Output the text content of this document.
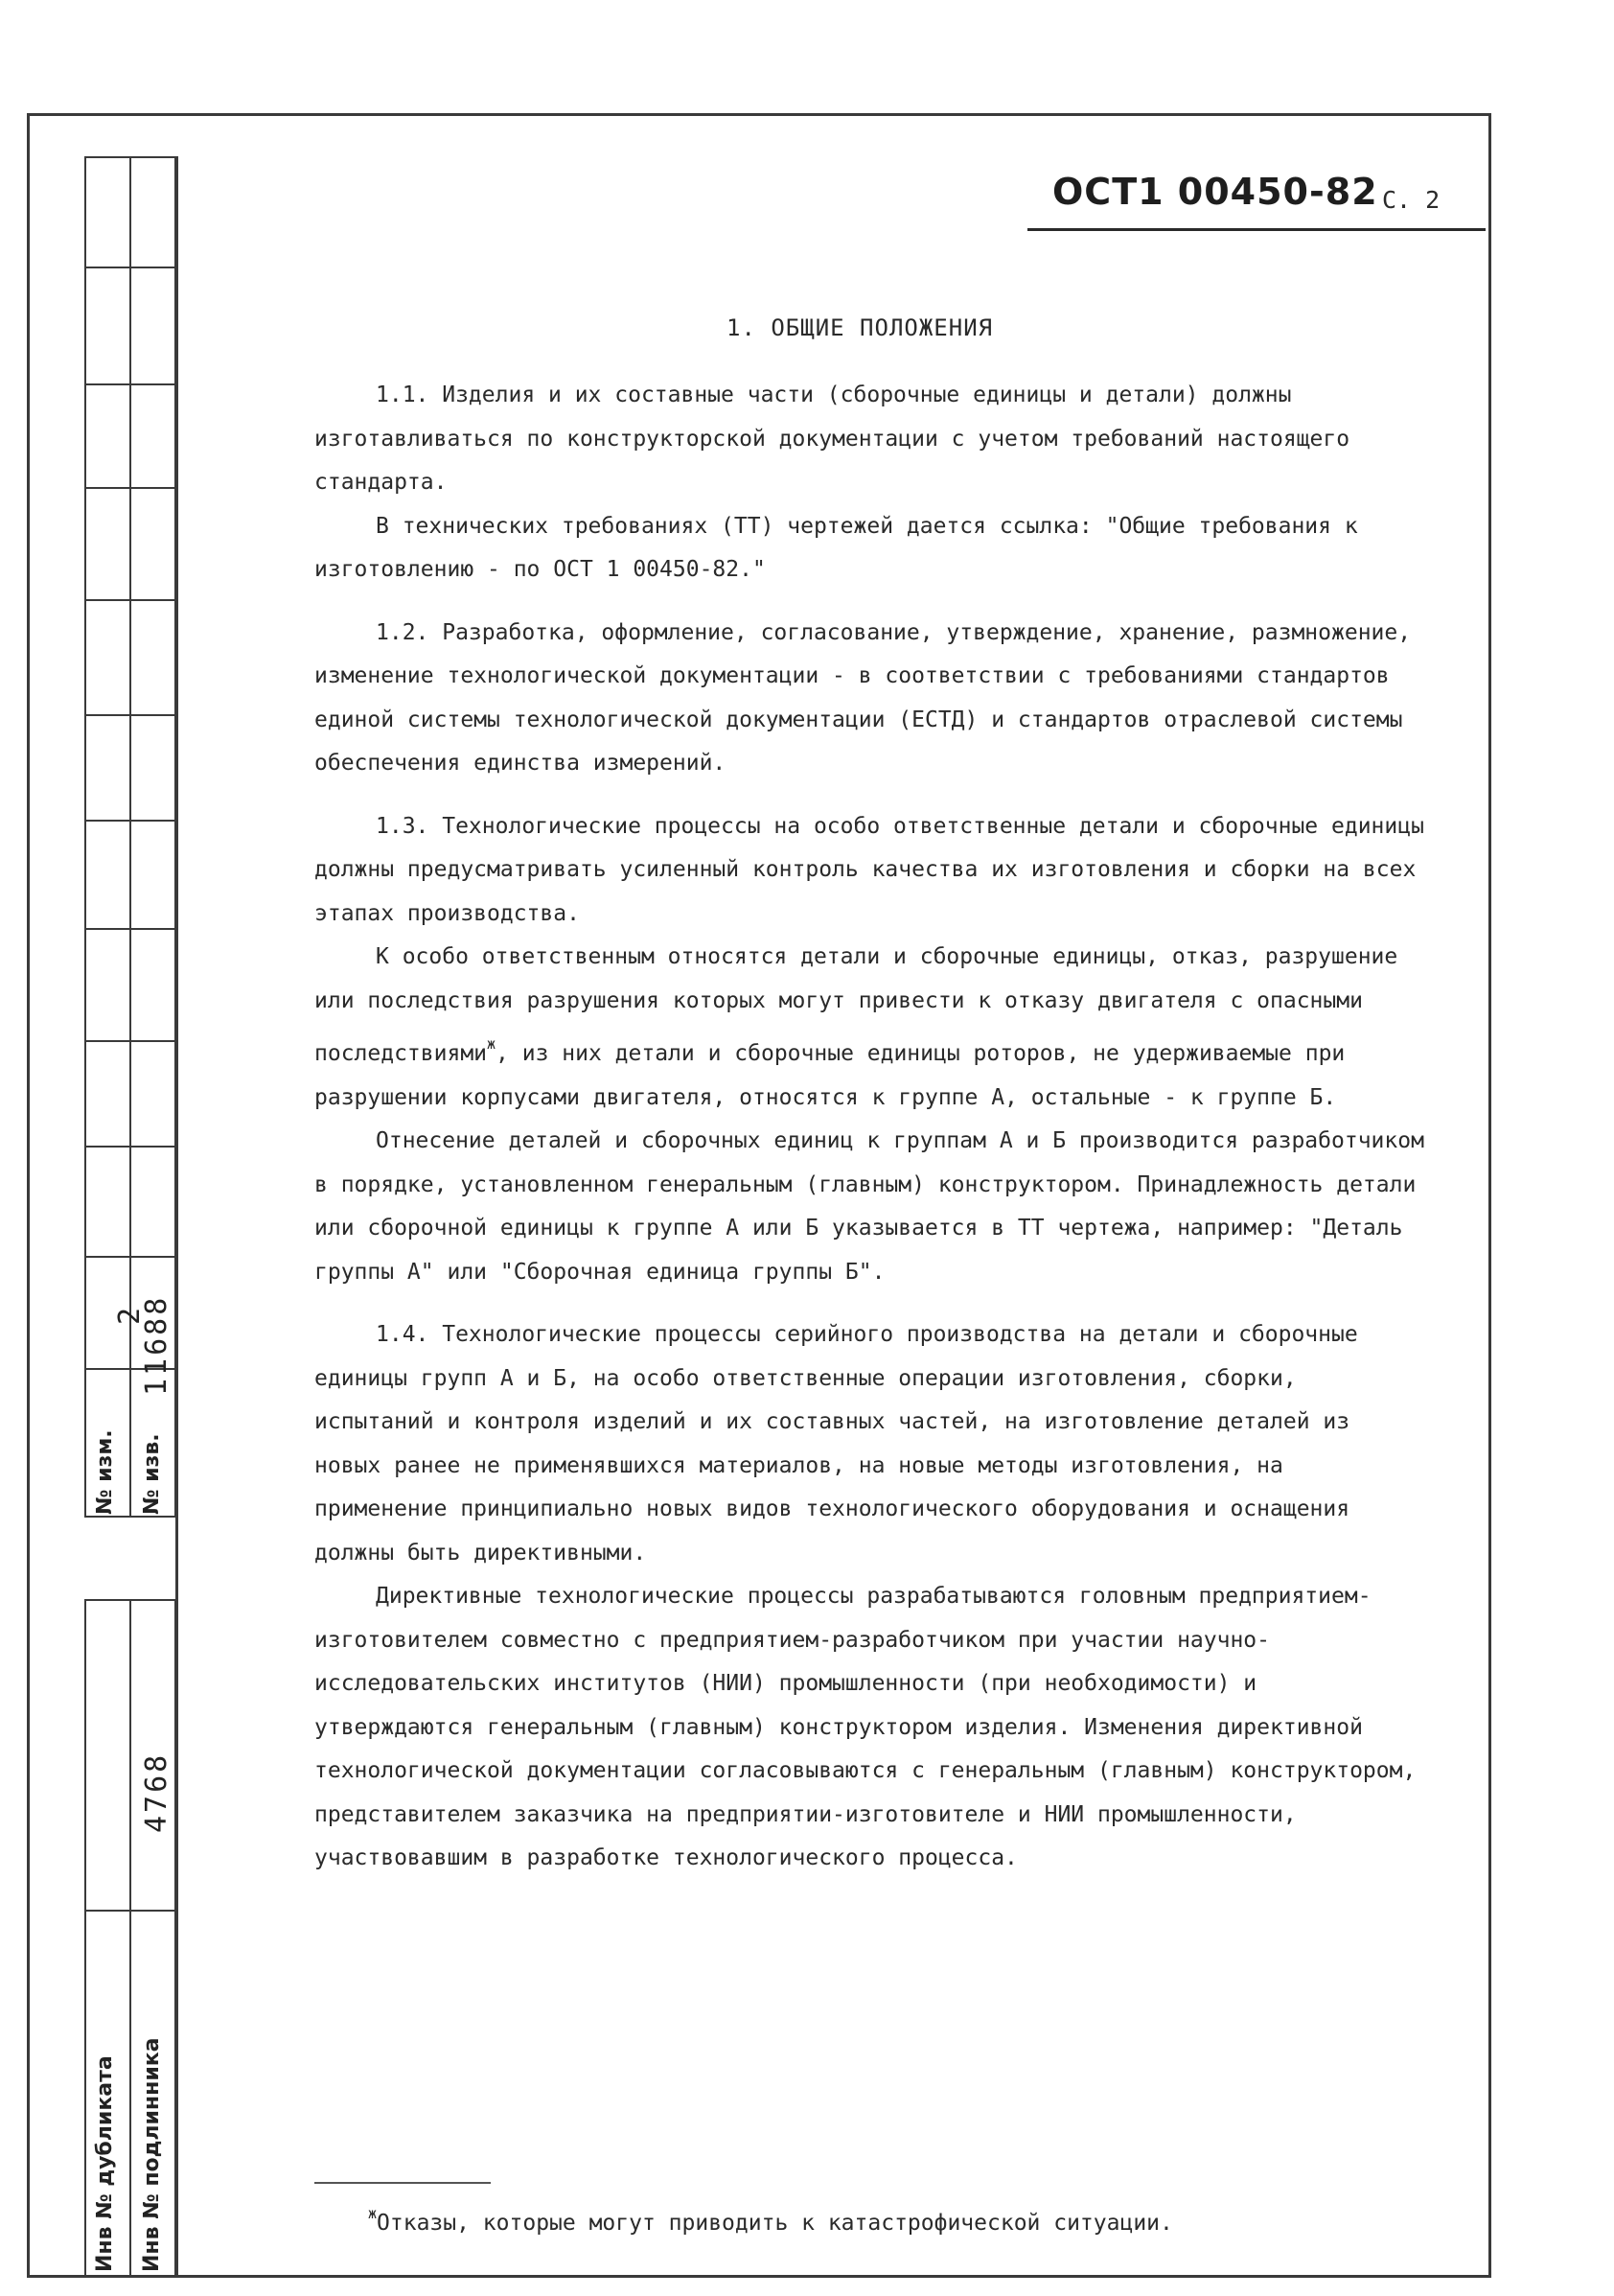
№ изм. № изв.
2
11688
4768
Инв № дубликата Инв № подлинника
ОСТ1 00450-82 С. 2
1. ОБЩИЕ ПОЛОЖЕНИЯ

1.1. Изделия и их составные части (сборочные единицы и детали) должны изготавливаться по конструкторской документации с учетом требований настоящего стандарта.

В технических требованиях (ТТ) чертежей дается ссылка: "Общие требования к изготовлению - по ОСТ 1 00450-82."

1.2. Разработка, оформление, согласование, утверждение, хранение, размножение, изменение технологической документации - в соответствии с требованиями стандартов единой системы технологической документации (ЕСТД) и стандартов отраслевой системы обеспечения единства измерений.

1.3. Технологические процессы на особо ответственные детали и сборочные единицы должны предусматривать усиленный контроль качества их изготовления и сборки на всех этапах производства.

К особо ответственным относятся детали и сборочные единицы, отказ, разрушение или последствия разрушения которых могут привести к отказу двигателя с опасными последствиями$^ж$, из них детали и сборочные единицы роторов, не удерживаемые при разрушении корпусами двигателя, относятся к группе А, остальные - к группе Б.

Отнесение деталей и сборочных единиц к группам А и Б производится разработчиком в порядке, установленном генеральным (главным) конструктором. Принадлежность детали или сборочной единицы к группе А или Б указывается в ТТ чертежа, например: "Деталь группы А" или "Сборочная единица группы Б".

1.4. Технологические процессы серийного производства на детали и сборочные единицы групп А и Б, на особо ответственные операции изготовления, сборки, испытаний и контроля изделий и их составных частей, на изготовление деталей из новых ранее не применявшихся материалов, на новые методы изготовления, на применение принципиально новых видов технологического оборудования и оснащения должны быть директивными.

Директивные технологические процессы разрабатываются головным предприятием-изготовителем совместно с предприятием-разработчиком при участии научно-исследовательских институтов (НИИ) промышленности (при необходимости) и утверждаются генеральным (главным) конструктором изделия. Изменения директивной технологической документации согласовываются с генеральным (главным) конструктором, представителем заказчика на предприятии-изготовителе и НИИ промышленности, участвовавшим в разработке технологического процесса.

$^ж$Отказы, которые могут приводить к катастрофической ситуации.
